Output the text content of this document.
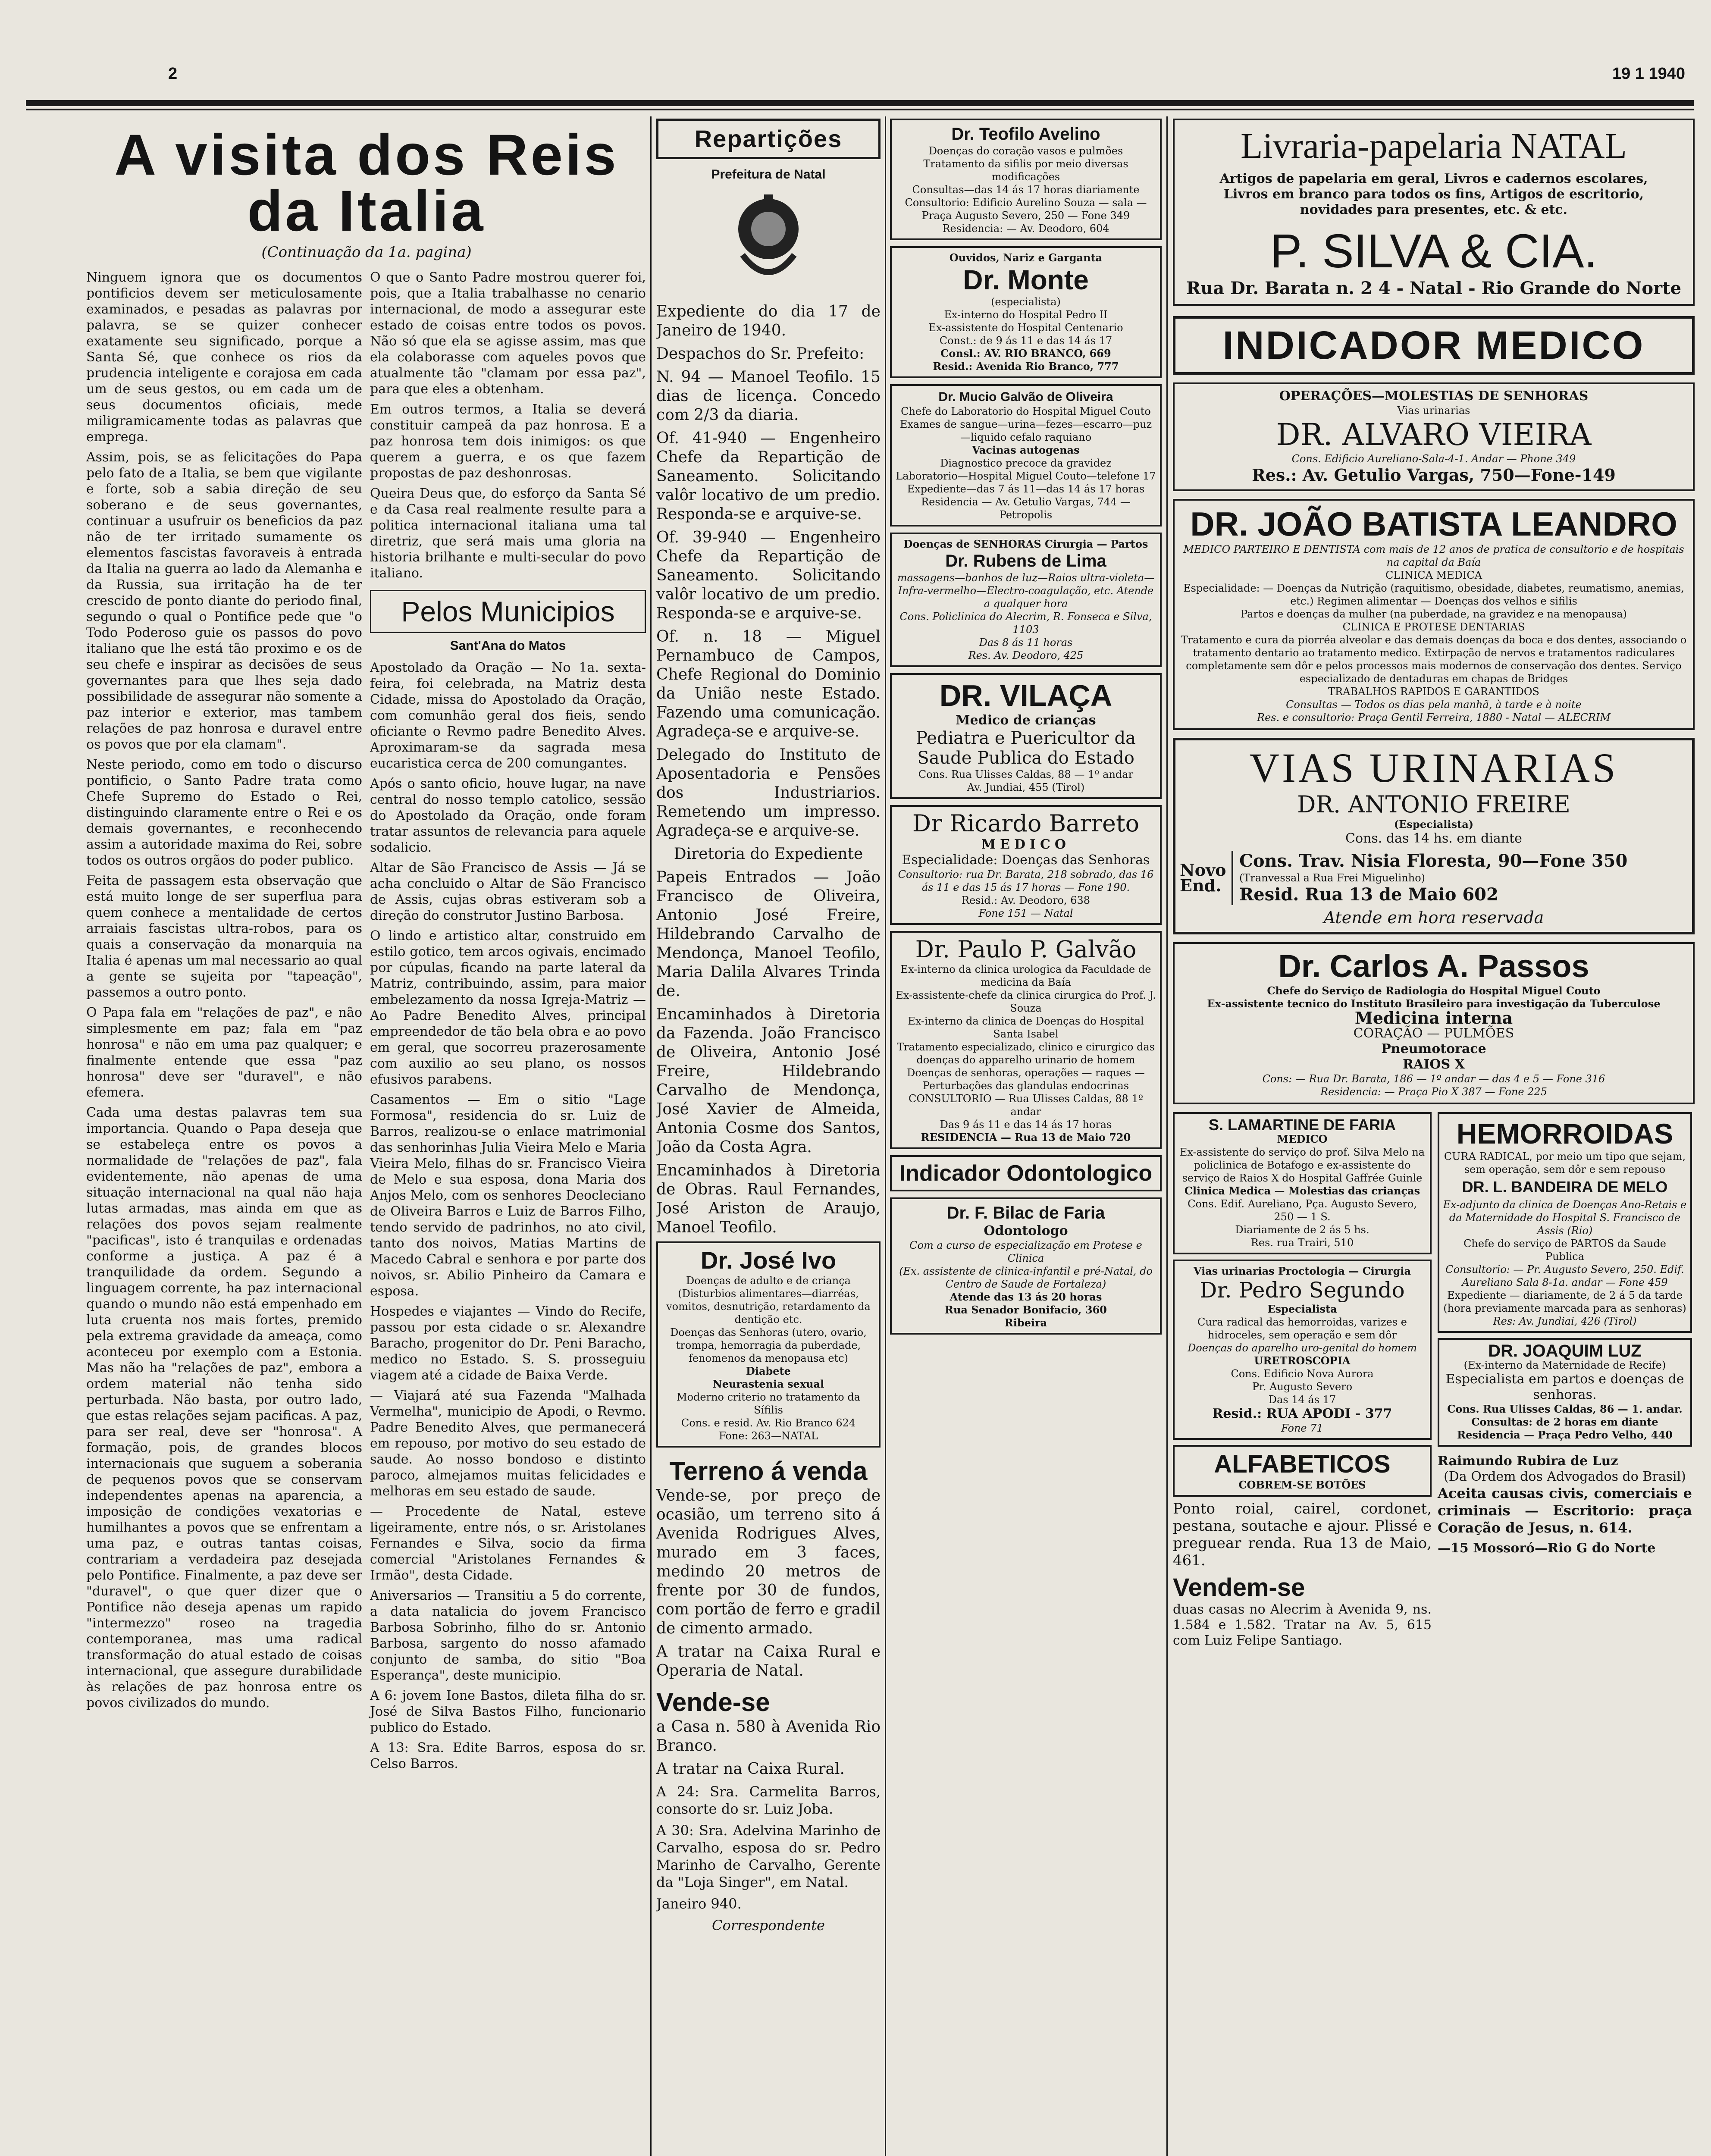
2	19 1 1940
A visita dos Reis
da Italia
(Continuação da 1a. pagina)

Ninguem ignora que os documentos pontificios devem ser meticulosamente examinados, e pesadas as palavras por palavra, se se quizer conhecer exatamente seu significado, porque a Santa Sé, que conhece os rios da prudencia inteligente e corajosa em cada um de seus gestos, ou em cada um de seus documentos oficiais, mede miligramicamente todas as palavras que emprega.

Assim, pois, se as felicitações do Papa pelo fato de a Italia, se bem que vigilante e forte, sob a sabia direção de seu soberano e de seus governantes, continuar a usufruir os beneficios da paz não de ter irritado sumamente os elementos fascistas favoraveis à entrada da Italia na guerra ao lado da Alemanha e da Russia, sua irritação ha de ter crescido de ponto diante do periodo final, segundo o qual o Pontifice pede que "o Todo Poderoso guie os passos do povo italiano que lhe está tão proximo e os de seu chefe e inspirar as decisões de seus governantes para que lhes seja dado possibilidade de assegurar não somente a paz interior e exterior, mas tambem relações de paz honrosa e duravel entre os povos que por ela clamam".

Neste periodo, como em todo o discurso pontificio, o Santo Padre trata como Chefe Supremo do Estado o Rei, distinguindo claramente entre o Rei e os demais governantes, e reconhecendo assim a autoridade maxima do Rei, sobre todos os outros orgãos do poder publico.

Feita de passagem esta observação que está muito longe de ser superflua para quem conhece a mentalidade de certos arraiais fascistas ultra-robos, para os quais a conservação da monarquia na Italia é apenas um mal necessario ao qual a gente se sujeita por "tapeação", passemos a outro ponto.

O Papa fala em "relações de paz", e não simplesmente em paz; fala em "paz honrosa" e não em uma paz qualquer; e finalmente entende que essa "paz honrosa" deve ser "duravel", e não efemera.

Cada uma destas palavras tem sua importancia. Quando o Papa deseja que se estabeleça entre os povos a normalidade de "relações de paz", fala evidentemente, não apenas de uma situação internacional na qual não haja lutas armadas, mas ainda em que as relações dos povos sejam realmente "pacificas", isto é tranquilas e ordenadas conforme a justiça. A paz é a tranquilidade da ordem. Segundo a linguagem corrente, ha paz internacional quando o mundo não está empenhado em luta cruenta nos mais fortes, premido pela extrema gravidade da ameaça, como aconteceu por exemplo com a Estonia. Mas não ha "relações de paz", embora a ordem material não tenha sido perturbada. Não basta, por outro lado, que estas relações sejam pacificas. A paz, para ser real, deve ser "honrosa". A formação, pois, de grandes blocos internacionais que suguem a soberania de pequenos povos que se conservam independentes apenas na aparencia, a imposição de condições vexatorias e humilhantes a povos que se enfrentam a uma paz, e outras tantas coisas, contrariam a verdadeira paz desejada pelo Pontifice. Finalmente, a paz deve ser "duravel", o que quer dizer que o Pontifice não deseja apenas um rapido "intermezzo" roseo na tragedia contemporanea, mas uma radical transformação do atual estado de coisas internacional, que assegure durabilidade às relações de paz honrosa entre os povos civilizados do mundo.

O que o Santo Padre mostrou querer foi, pois, que a Italia trabalhasse no cenario internacional, de modo a assegurar este estado de coisas entre todos os povos. Não só que ela se agisse assim, mas que ela colaborasse com aqueles povos que atualmente tão "clamam por essa paz", para que eles a obtenham.

Em outros termos, a Italia se deverá constituir campeã da paz honrosa. E a paz honrosa tem dois inimigos: os que querem a guerra, e os que fazem propostas de paz deshonrosas.

Queira Deus que, do esforço da Santa Sé e da Casa real realmente resulte para a politica internacional italiana uma tal diretriz, que será mais uma gloria na historia brilhante e multi-secular do povo italiano.

Pelos Municipios
Sant'Ana do Matos

Apostolado da Oração — No 1a. sexta-feira, foi celebrada, na Matriz desta Cidade, missa do Apostolado da Oração, com comunhão geral dos fieis, sendo oficiante o Revmo padre Benedito Alves. Aproximaram-se da sagrada mesa eucaristica cerca de 200 comungantes.

Após o santo oficio, houve lugar, na nave central do nosso templo catolico, sessão do Apostolado da Oração, onde foram tratar assuntos de relevancia para aquele sodalicio.

Altar de São Francisco de Assis — Já se acha concluido o Altar de São Francisco de Assis, cujas obras estiveram sob a direção do construtor Justino Barbosa.

O lindo e artistico altar, construido em estilo gotico, tem arcos ogivais, encimado por cúpulas, ficando na parte lateral da Matriz, contribuindo, assim, para maior embelezamento da nossa Igreja-Matriz — Ao Padre Benedito Alves, principal empreendedor de tão bela obra e ao povo em geral, que socorreu prazerosamente com auxilio ao seu plano, os nossos efusivos parabens.

Casamentos — Em o sitio "Lage Formosa", residencia do sr. Luiz de Barros, realizou-se o enlace matrimonial das senhorinhas Julia Vieira Melo e Maria Vieira Melo, filhas do sr. Francisco Vieira de Melo e sua esposa, dona Maria dos Anjos Melo, com os senhores Deocleciano de Oliveira Barros e Luiz de Barros Filho, tendo servido de padrinhos, no ato civil, tanto dos noivos, Matias Martins de Macedo Cabral e senhora e por parte dos noivos, sr. Abilio Pinheiro da Camara e esposa.

Hospedes e viajantes — Vindo do Recife, passou por esta cidade o sr. Alexandre Baracho, progenitor do Dr. Peni Baracho, medico no Estado. S. S. prosseguiu viagem até a cidade de Baixa Verde.

— Viajará até sua Fazenda "Malhada Vermelha", municipio de Apodi, o Revmo. Padre Benedito Alves, que permanecerá em repouso, por motivo do seu estado de saude. Ao nosso bondoso e distinto paroco, almejamos muitas felicidades e melhoras em seu estado de saude.

— Procedente de Natal, esteve ligeiramente, entre nós, o sr. Aristolanes Fernandes e Silva, socio da firma comercial "Aristolanes Fernandes & Irmão", desta Cidade.

Aniversarios — Transitiu a 5 do corrente, a data natalicia do jovem Francisco Barbosa Sobrinho, filho do sr. Antonio Barbosa, sargento do nosso afamado conjunto de samba, do sitio "Boa Esperança", deste municipio.

A 6: jovem Ione Bastos, dileta filha do sr. José de Silva Bastos Filho, funcionario publico do Estado.

A 13: Sra. Edite Barros, esposa do sr. Celso Barros.

Repartições
Prefeitura de Natal

Expediente do dia 17 de Janeiro de 1940.

Despachos do Sr. Prefeito:

N. 94 — Manoel Teofilo. 15 dias de licença. Concedo com 2/3 da diaria.

Of. 41-940 — Engenheiro Chefe da Repartição de Saneamento. Solicitando valôr locativo de um predio. Responda-se e arquive-se.

Of. 39-940 — Engenheiro Chefe da Repartição de Saneamento. Solicitando valôr locativo de um predio. Responda-se e arquive-se.

Of. n. 18 — Miguel Pernambuco de Campos, Chefe Regional do Dominio da União neste Estado. Fazendo uma comunicação. Agradeça-se e arquive-se.

Delegado do Instituto de Aposentadoria e Pensões dos Industriarios. Remetendo um impresso. Agradeça-se e arquive-se.

Diretoria do Expediente

Papeis Entrados — João Francisco de Oliveira, Antonio José Freire, Hildebrando Carvalho de Mendonça, Manoel Teofilo, Maria Dalila Alvares Trinda de.

Encaminhados à Diretoria da Fazenda. João Francisco de Oliveira, Antonio José Freire, Hildebrando Carvalho de Mendonça, José Xavier de Almeida, Antonia Cosme dos Santos, João da Costa Agra.

Encaminhados à Diretoria de Obras. Raul Fernandes, José Ariston de Araujo, Manoel Teofilo.

Dr. José Ivo
Doenças de adulto e de criança (Disturbios alimentares—diarréas, vomitos, desnutrição, retardamento da dentição etc.
Doenças das Senhoras (utero, ovario, trompa, hemorragia da puberdade, fenomenos da menopausa etc)
Diabete
Neurastenia sexual
Moderno criterio no tratamento da Sífilis
Cons. e resid. Av. Rio Branco 624
Fone: 263—NATAL
Terreno á venda

Vende-se, por preço de ocasião, um terreno sito á Avenida Rodrigues Alves, murado em 3 faces, medindo 20 metros de frente por 30 de fundos, com portão de ferro e gradil de cimento armado.

A tratar na Caixa Rural e Operaria de Natal.

Vende-se

a Casa n. 580 à Avenida Rio Branco.

A tratar na Caixa Rural.

A 24: Sra. Carmelita Barros, consorte do sr. Luiz Joba.

A 30: Sra. Adelvina Marinho de Carvalho, esposa do sr. Pedro Marinho de Carvalho, Gerente da "Loja Singer", em Natal.

Janeiro 940.

Correspondente

Dr. Teofilo Avelino
Doenças do coração vasos e pulmões
Tratamento da sifilis por meio diversas modificações
Consultas—das 14 ás 17 horas diariamente
Consultorio: Edificio Aurelino Souza — sala — Praça Augusto Severo, 250 — Fone 349
Residencia: — Av. Deodoro, 604
Ouvidos, Nariz e Garganta
Dr. Monte
(especialista)
Ex-interno do Hospital Pedro II
Ex-assistente do Hospital Centenario
Const.: de 9 ás 11 e das 14 ás 17
Consl.: AV. RIO BRANCO, 669
Resid.: Avenida Rio Branco, 777
Dr. Mucio Galvão de Oliveira
Chefe do Laboratorio do Hospital Miguel Couto
Exames de sangue—urina—fezes—escarro—puz—liquido cefalo raquiano
Vacinas autogenas
Diagnostico precoce da gravidez
Laboratorio—Hospital Miguel Couto—telefone 17
Expediente—das 7 ás 11—das 14 ás 17 horas
Residencia — Av. Getulio Vargas, 744 — Petropolis
Doenças de SENHORAS Cirurgia — Partos
Dr. Rubens de Lima
massagens—banhos de luz—Raios ultra-violeta—Infra-vermelho—Electro-coagulação, etc. Atende a qualquer hora
Cons. Policlinica do Alecrim, R. Fonseca e Silva, 1103
Das 8 ás 11 horas
Res. Av. Deodoro, 425
DR. VILAÇA
Medico de crianças
Pediatra e Puericultor da Saude Publica do Estado
Cons. Rua Ulisses Caldas, 88 — 1º andar
Av. Jundiai, 455 (Tirol)
Dr Ricardo Barreto
MEDICO
Especialidade: Doenças das Senhoras
Consultorio: rua Dr. Barata, 218 sobrado, das 16 ás 11 e das 15 ás 17 horas — Fone 190.
Resid.: Av. Deodoro, 638
Fone 151 — Natal
Dr. Paulo P. Galvão
Ex-interno da clinica urologica da Faculdade de medicina da Baía
Ex-assistente-chefe da clinica cirurgica do Prof. J. Souza
Ex-interno da clinica de Doenças do Hospital Santa Isabel
Tratamento especializado, clinico e cirurgico das doenças do apparelho urinario de homem
Doenças de senhoras, operações — raques — Perturbações das glandulas endocrinas
CONSULTORIO — Rua Ulisses Caldas, 88 1º andar
Das 9 ás 11 e das 14 ás 17 horas
RESIDENCIA — Rua 13 de Maio 720
Indicador Odontologico
Dr. F. Bilac de Faria
Odontologo
Com a curso de especialização em Protese e Clinica
(Ex. assistente de clinica-infantil e pré-Natal, do Centro de Saude de Fortaleza)
Atende das 13 ás 20 horas
Rua Senador Bonifacio, 360
Ribeira
Livraria-papelaria NATAL
Artigos de papelaria em geral, Livros e cadernos escolares, Livros em branco para todos os fins, Artigos de escritorio, novidades para presentes, etc. & etc.
P. SILVA & CIA.
Rua Dr. Barata n. 2 4 - Natal - Rio Grande do Norte
INDICADOR MEDICO
OPERAÇÕES—MOLESTIAS DE SENHORAS
Vias urinarias
DR. ALVARO VIEIRA
Cons. Edificio Aureliano-Sala-4-1. Andar — Phone 349
Res.: Av. Getulio Vargas, 750—Fone-149
DR. JOÃO BATISTA LEANDRO
MEDICO PARTEIRO E DENTISTA com mais de 12 anos de pratica de consultorio e de hospitais na capital da Baía
CLINICA MEDICA
Especialidade: — Doenças da Nutrição (raquitismo, obesidade, diabetes, reumatismo, anemias, etc.) Regimen alimentar — Doenças dos velhos e sifilis
Partos e doenças da mulher (na puberdade, na gravidez e na menopausa)
CLINICA E PROTESE DENTARIAS
Tratamento e cura da piorréa alveolar e das demais doenças da boca e dos dentes, associando o tratamento dentario ao tratamento medico. Extirpação de nervos e tratamentos radiculares completamente sem dôr e pelos processos mais modernos de conservação dos dentes. Serviço especializado de dentaduras em chapas de Bridges
TRABALHOS RAPIDOS E GARANTIDOS
Consultas — Todos os dias pela manhã, à tarde e à noite
Res. e consultorio: Praça Gentil Ferreira, 1880 - Natal — ALECRIM
VIAS URINARIAS
DR. ANTONIO FREIRE
(Especialista)
Cons. das 14 hs. em diante
Novo
End.
Cons. Trav. Nisia Floresta, 90—Fone 350
(Tranvessal a Rua Frei Miguelinho)
Resid. Rua 13 de Maio 602
Atende em hora reservada
Dr. Carlos A. Passos
Chefe do Serviço de Radiologia do Hospital Miguel Couto
Ex-assistente tecnico do Instituto Brasileiro para investigação da Tuberculose
Medicina interna
CORAÇÃO — PULMÕES
Pneumotorace
RAIOS X
Cons: — Rua Dr. Barata, 186 — 1º andar — das 4 e 5 — Fone 316
Residencia: — Praça Pio X 387 — Fone 225
S. LAMARTINE DE FARIA
MEDICO
Ex-assistente do serviço do prof. Silva Melo na policlinica de Botafogo e ex-assistente do serviço de Raios X do Hospital Gaffrée Guinle
Clinica Medica — Molestias das crianças
Cons. Edif. Aureliano, Pça. Augusto Severo, 250 — 1 S.
Diariamente de 2 ás 5 hs.
Res. rua Trairi, 510
Vias urinarias Proctologia — Cirurgia
Dr. Pedro Segundo
Especialista
Cura radical das hemorroidas, varizes e hidroceles, sem operação e sem dôr
Doenças do aparelho uro-genital do homem
URETROSCOPIA
Cons. Edificio Nova Aurora
Pr. Augusto Severo
Das 14 ás 17
Resid.: RUA APODI - 377
Fone 71
ALFABETICOS
COBREM-SE BOTÕES

Ponto roial, cairel, cordonet, pestana, soutache e ajour. Plissé e preguear renda. Rua 13 de Maio, 461.

Vendem-se

duas casas no Alecrim à Avenida 9, ns. 1.584 e 1.582. Tratar na Av. 5, 615 com Luiz Felipe Santiago.

HEMORROIDAS
CURA RADICAL, por meio um tipo que sejam, sem operação, sem dôr e sem repouso
DR. L. BANDEIRA DE MELO
Ex-adjunto da clinica de Doenças Ano-Retais e da Maternidade do Hospital S. Francisco de Assis (Rio)
Chefe do serviço de PARTOS da Saude Publica
Consultorio: — Pr. Augusto Severo, 250. Edif. Aureliano Sala 8-1a. andar — Fone 459
Expediente — diariamente, de 2 á 5 da tarde (hora previamente marcada para as senhoras)
Res: Av. Jundiai, 426 (Tirol)
DR. JOAQUIM LUZ
(Ex-interno da Maternidade de Recife)
Especialista em partos e doenças de senhoras.
Cons. Rua Ulisses Caldas, 86 — 1. andar. Consultas: de 2 horas em diante
Residencia — Praça Pedro Velho, 440
Raimundo Rubira de Luz
(Da Ordem dos Advogados do Brasil)

Aceita causas civis, comerciais e criminais — Escritorio: praça Coração de Jesus, n. 614.

—15 Mossoró—Rio G do Norte
